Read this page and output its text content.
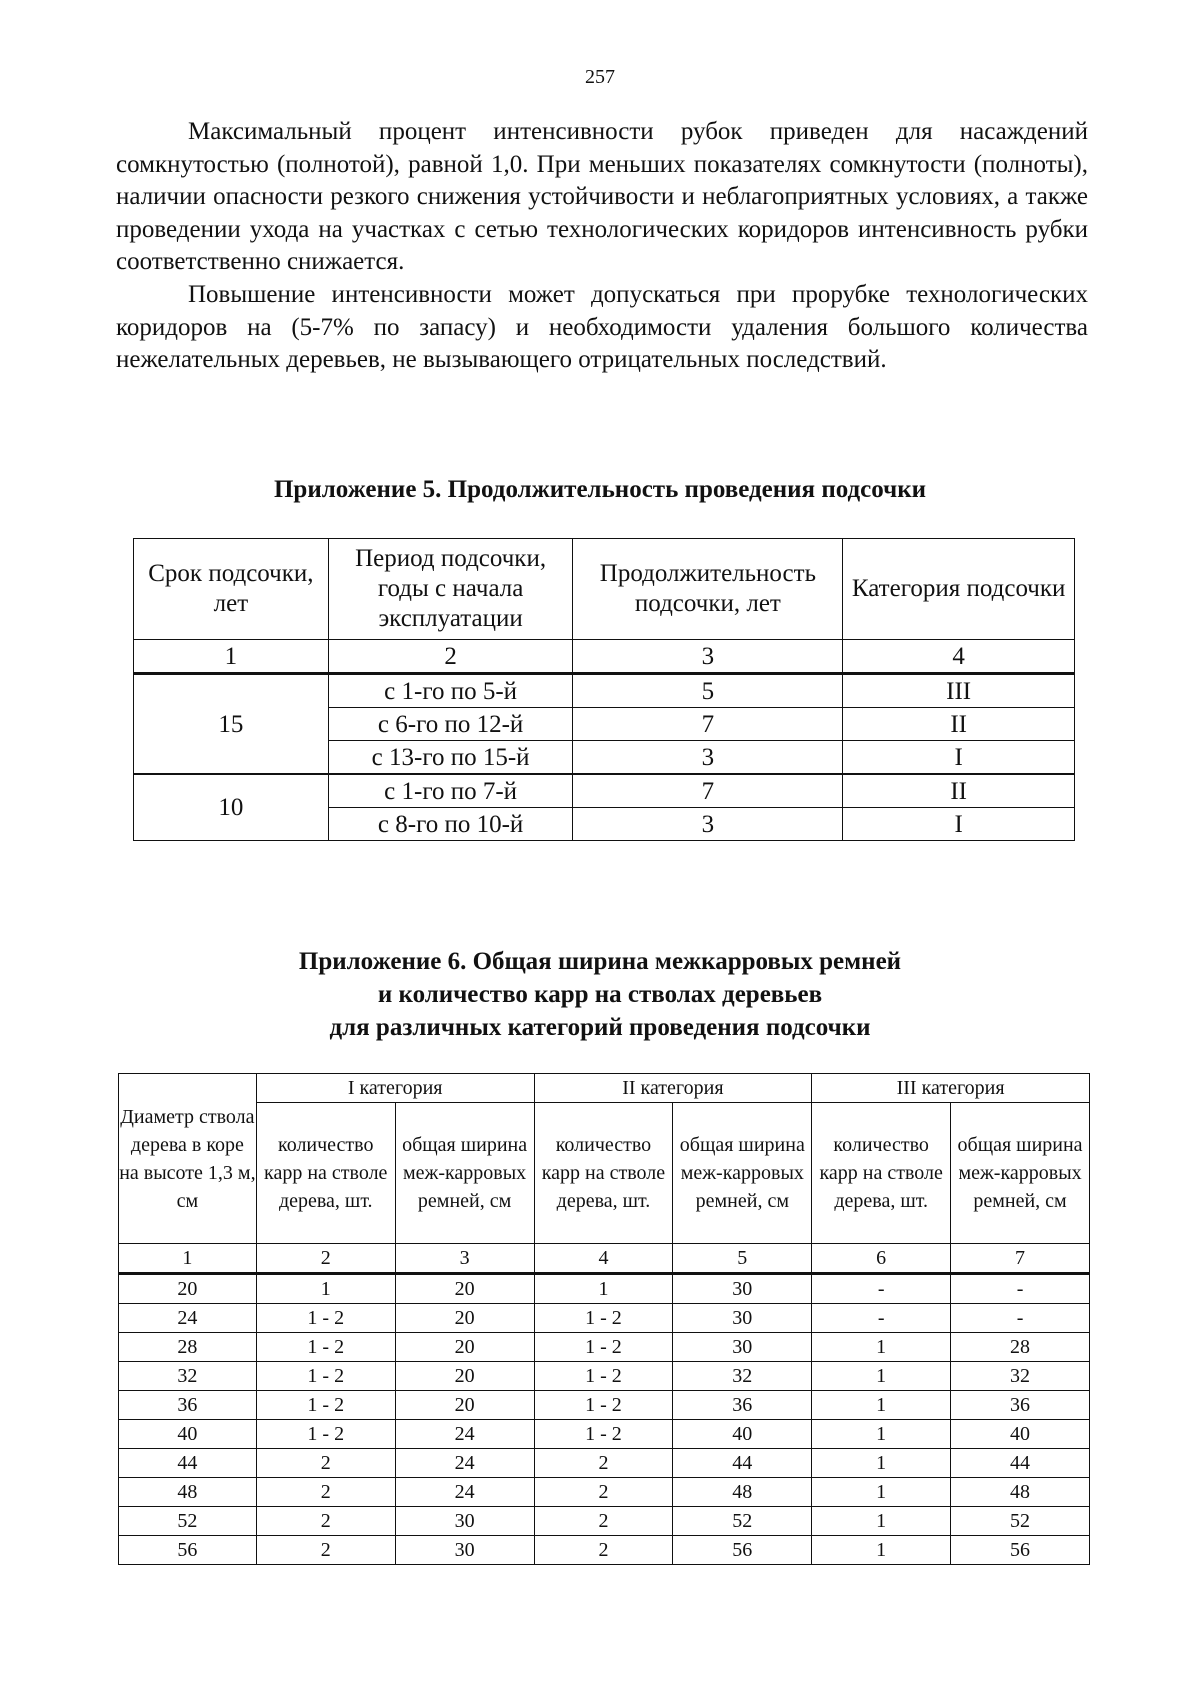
257

Максимальный процент интенсивности рубок приведен для насаждений сомкнутостью (полнотой), равной 1,0. При меньших показателях сомкнутости (полноты), наличии опасности резкого снижения устойчивости и неблагоприятных условиях, а также проведении ухода на участках с сетью технологических коридоров интенсивность рубки соответственно снижается.

Повышение интенсивности может допускаться при прорубке технологических коридоров на (5-7% по запасу) и необходимости удаления большого количества нежелательных деревьев, не вызывающего отрицательных последствий.

Приложение 5. Продолжительность проведения подсочки
Срок подсочки, лет	Период подсочки, годы с начала эксплуатации	Продолжительность подсочки, лет	Категория подсочки
1	2	3	4
15	с 1-го по 5-й	5	III
	с 6-го по 12-й	7	II
	с 13-го по 15-й	3	I
10	с 1-го по 7-й	7	II
	с 8-го по 10-й	3	I
Приложение 6. Общая ширина межкарровых ремней
и количество карр на стволах деревьев
для различных категорий проведения подсочки
Диаметр ствола дерева в коре на высоте 1,3 м, см	I категория		II категория		III категория	
	количество карр на стволе дерева, шт.	общая ширина меж-карровых ремней, см	количество карр на стволе дерева, шт.	общая ширина меж-карровых ремней, см	количество карр на стволе дерева, шт.	общая ширина меж-карровых ремней, см
1	2	3	4	5	6	7
20	1	20	1	30	-	-
24	1 - 2	20	1 - 2	30	-	-
28	1 - 2	20	1 - 2	30	1	28
32	1 - 2	20	1 - 2	32	1	32
36	1 - 2	20	1 - 2	36	1	36
40	1 - 2	24	1 - 2	40	1	40
44	2	24	2	44	1	44
48	2	24	2	48	1	48
52	2	30	2	52	1	52
56	2	30	2	56	1	56
